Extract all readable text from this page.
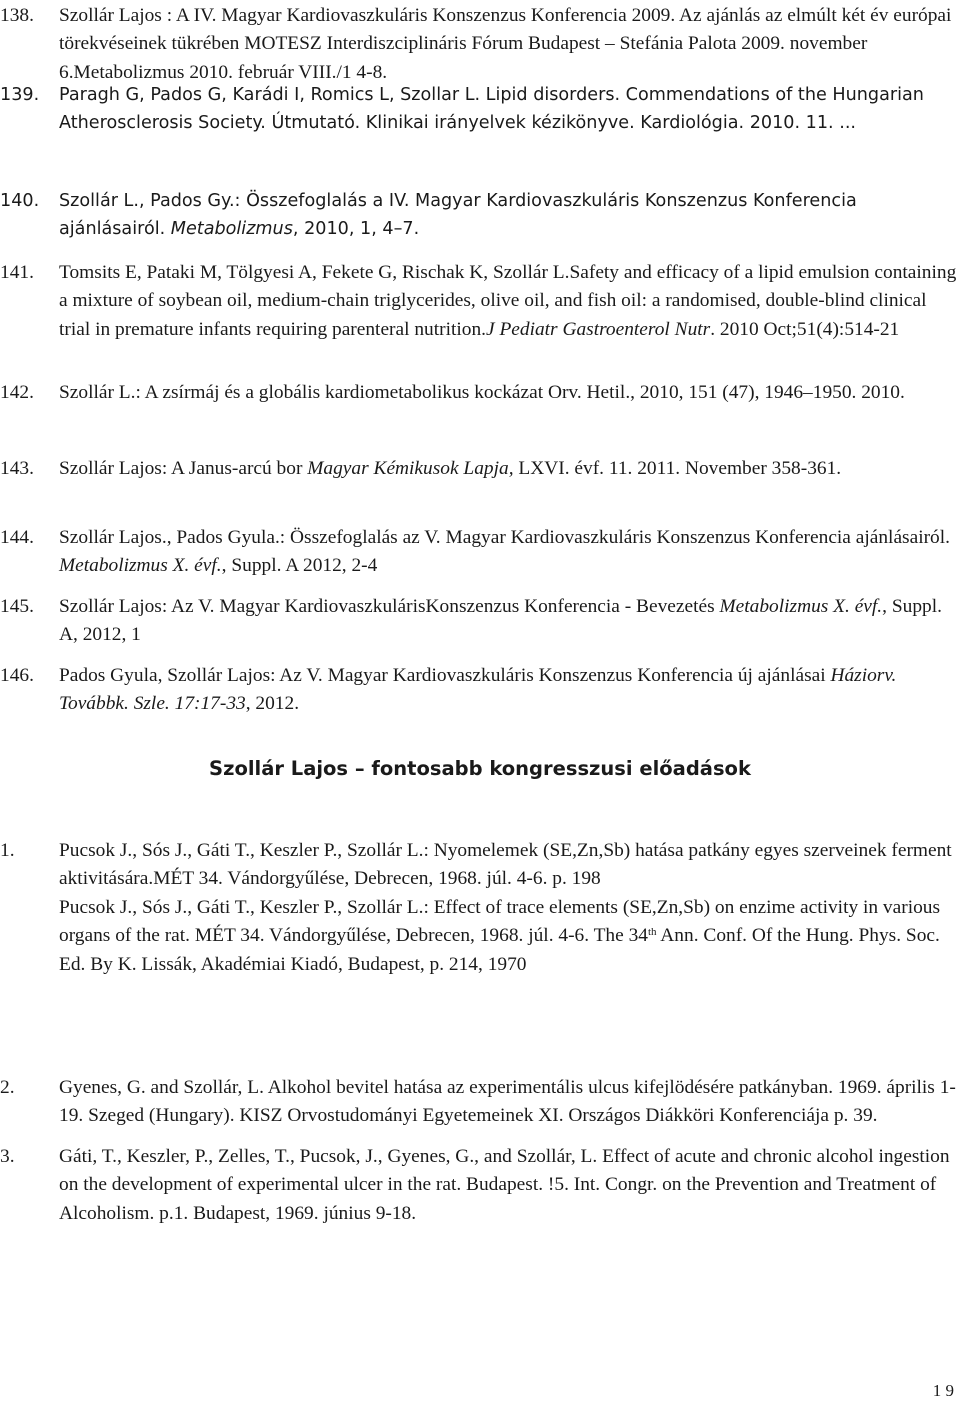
138. Szollár Lajos : A IV. Magyar Kardiovaszkuláris Konszenzus Konferencia 2009. Az ajánlás az elmúlt két év európai törekvéseinek tükrében MOTESZ Interdiszciplináris Fórum Budapest – Stefánia Palota 2009. november 6.Metabolizmus 2010. február VIII./1 4-8.
139. Paragh G, Pados G, Karádi I, Romics L, Szollar L. Lipid disorders. Commendations of the Hungarian Atherosclerosis Society. Útmutató. Klinikai irányelvek kézikönyve. Kardiológia. 2010. 11. ...
140. Szollár L., Pados Gy.: Összefoglalás a IV. Magyar Kardiovaszkuláris Konszenzus Konferencia ajánlásairól. Metabolizmus, 2010, 1, 4–7.
141. Tomsits E, Pataki M, Tölgyesi A, Fekete G, Rischak K, Szollár L.Safety and efficacy of a lipid emulsion containing a mixture of soybean oil, medium-chain triglycerides, olive oil, and fish oil: a randomised, double-blind clinical trial in premature infants requiring parenteral nutrition.J Pediatr Gastroenterol Nutr. 2010 Oct;51(4):514-21
142. Szollár L.: A zsírmáj és a globális kardiometabolikus kockázat Orv. Hetil., 2010, 151 (47), 1946–1950. 2010.
143. Szollár Lajos: A Janus-arcú bor Magyar Kémikusok Lapja, LXVI. évf. 11. 2011. November 358-361.
144. Szollár Lajos., Pados Gyula.: Összefoglalás az V. Magyar Kardiovaszkuláris Konszenzus Konferencia ajánlásairól. Metabolizmus X. évf., Suppl. A 2012, 2-4
145. Szollár Lajos: Az V. Magyar KardiovaszkulárisKonszenzus Konferencia - Bevezetés Metabolizmus X. évf., Suppl. A, 2012, 1
146. Pados Gyula, Szollár Lajos: Az V. Magyar Kardiovaszkuláris Konszenzus Konferencia új ajánlásai Háziorv. Továbbk. Szle. 17:17-33, 2012.
Szollár Lajos – fontosabb kongresszusi előadások
1. Pucsok J., Sós J., Gáti T., Keszler P., Szollár L.: Nyomelemek (SE,Zn,Sb) hatása patkány egyes szerveinek ferment aktivitására.MÉT 34. Vándorgyűlése, Debrecen, 1968. júl. 4-6. p. 198
Pucsok J., Sós J., Gáti T., Keszler P., Szollár L.: Effect of trace elements (SE,Zn,Sb) on enzime activity in various organs of the rat. MÉT 34. Vándorgyűlése, Debrecen, 1968. júl. 4-6. The 34th Ann. Conf. Of the Hung. Phys. Soc. Ed. By K. Lissák, Akadémiai Kiadó, Budapest, p. 214, 1970
2. Gyenes, G. and Szollár, L. Alkohol bevitel hatása az experimentális ulcus kifejlödésére patkányban. 1969. április 1-19. Szeged (Hungary). KISZ Orvostudományi Egyetemeinek XI. Országos Diákköri Konferenciája p. 39.
3. Gáti, T., Keszler, P., Zelles, T., Pucsok, J., Gyenes, G., and Szollár, L. Effect of acute and chronic alcohol ingestion on the development of experimental ulcer in the rat. Budapest. !5. Int. Congr. on the Prevention and Treatment of Alcoholism. p.1. Budapest, 1969. június 9-18.
1 9
